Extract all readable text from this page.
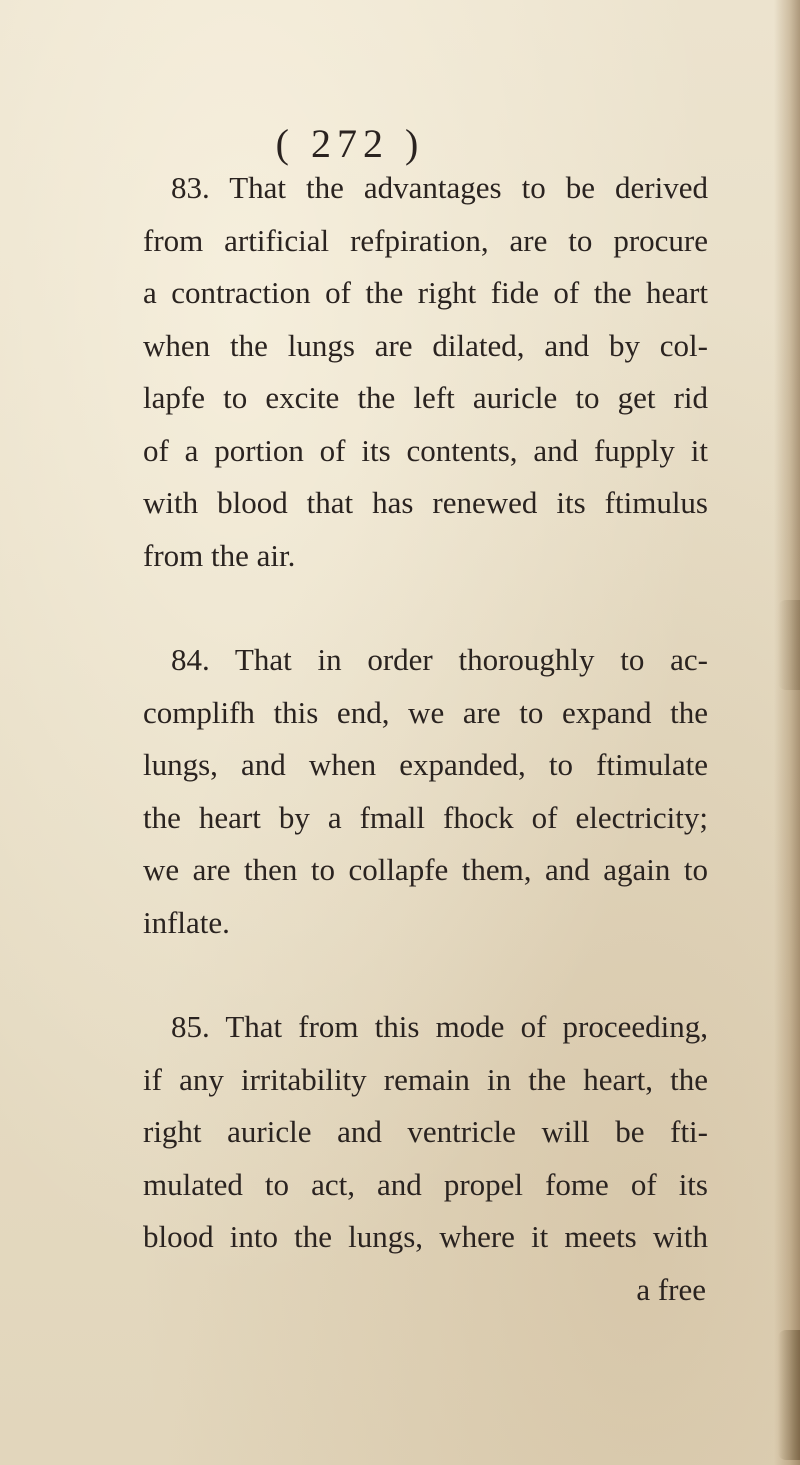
( 272 )

83. That the advantages to be derived
from artificial refpiration, are to procure
a contraction of the right fide of the heart
when the lungs are dilated, and by col-
lapfe to excite the left auricle to get rid
of a portion of its contents, and fupply it
with blood that has renewed its ftimulus
from the air.

84. That in order thoroughly to ac-
complifh this end, we are to expand the
lungs, and when expanded, to ftimulate
the heart by a fmall fhock of electricity;
we are then to collapfe them, and again to
inflate.

85. That from this mode of proceeding,
if any irritability remain in the heart, the
right auricle and ventricle will be fti-
mulated to act, and propel fome of its
blood into the lungs, where it meets with

a free
